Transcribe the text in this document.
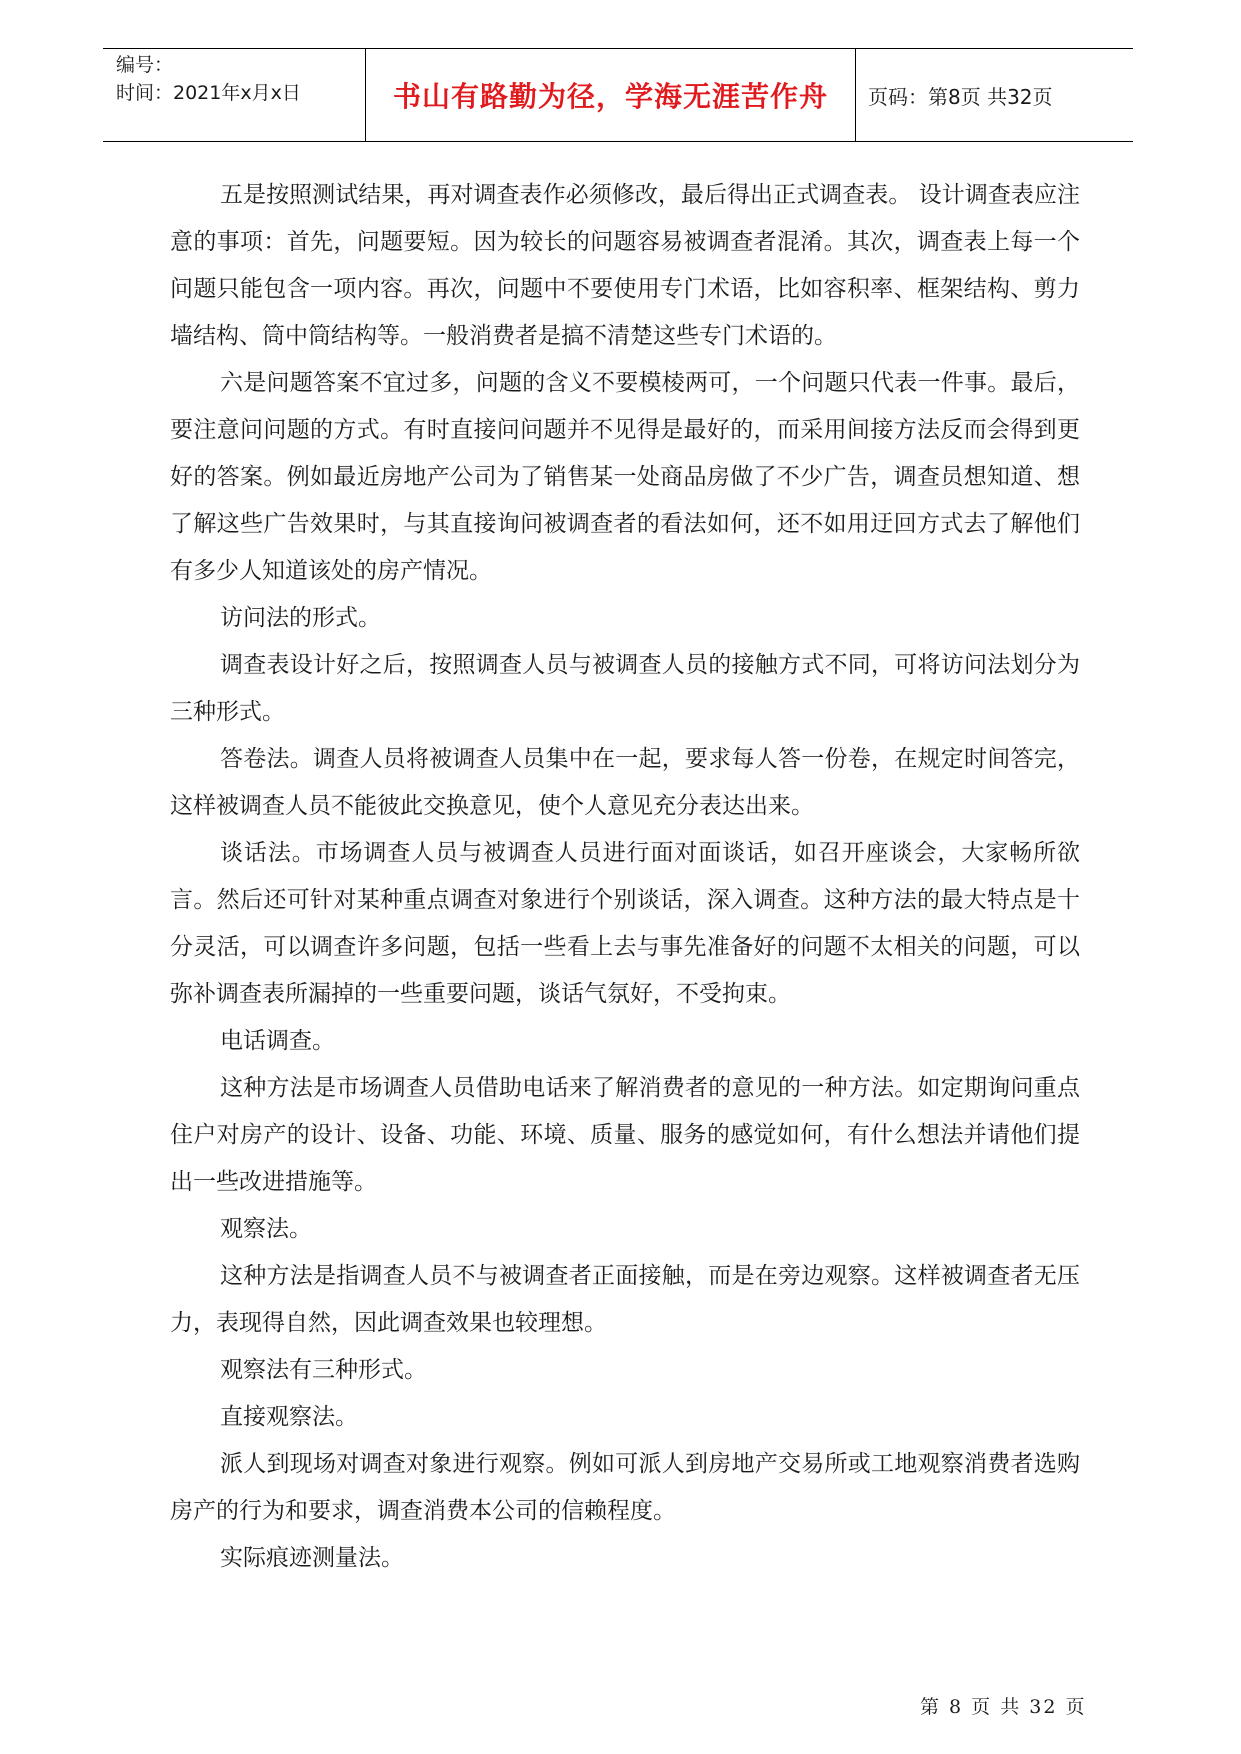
编号：
时间：2021年x月x日	书山有路勤为径，学海无涯苦作舟	页码：第8页 共32页

五是按照测试结果，再对调查表作必须修改，最后得出正式调查表。 设计调查表应注意的事项：首先，问题要短。因为较长的问题容易被调查者混淆。其次，调查表上每一个问题只能包含一项内容。再次，问题中不要使用专门术语，比如容积率、框架结构、剪力墙结构、筒中筒结构等。一般消费者是搞不清楚这些专门术语的。

六是问题答案不宜过多，问题的含义不要模棱两可，一个问题只代表一件事。最后，要注意问问题的方式。有时直接问问题并不见得是最好的，而采用间接方法反而会得到更好的答案。例如最近房地产公司为了销售某一处商品房做了不少广告，调查员想知道、想了解这些广告效果时，与其直接询问被调查者的看法如何，还不如用迂回方式去了解他们有多少人知道该处的房产情况。

访问法的形式。

调查表设计好之后，按照调查人员与被调查人员的接触方式不同，可将访问法划分为三种形式。

答卷法。调查人员将被调查人员集中在一起，要求每人答一份卷，在规定时间答完，这样被调查人员不能彼此交换意见，使个人意见充分表达出来。

谈话法。市场调查人员与被调查人员进行面对面谈话，如召开座谈会，大家畅所欲言。然后还可针对某种重点调查对象进行个别谈话，深入调查。这种方法的最大特点是十分灵活，可以调查许多问题，包括一些看上去与事先准备好的问题不太相关的问题，可以弥补调查表所漏掉的一些重要问题，谈话气氛好，不受拘束。

电话调查。

这种方法是市场调查人员借助电话来了解消费者的意见的一种方法。如定期询问重点住户对房产的设计、设备、功能、环境、质量、服务的感觉如何，有什么想法并请他们提出一些改进措施等。

观察法。

这种方法是指调查人员不与被调查者正面接触，而是在旁边观察。这样被调查者无压力，表现得自然，因此调查效果也较理想。

观察法有三种形式。

直接观察法。

派人到现场对调查对象进行观察。例如可派人到房地产交易所或工地观察消费者选购房产的行为和要求，调查消费本公司的信赖程度。

实际痕迹测量法。

第 8 页 共 32 页
